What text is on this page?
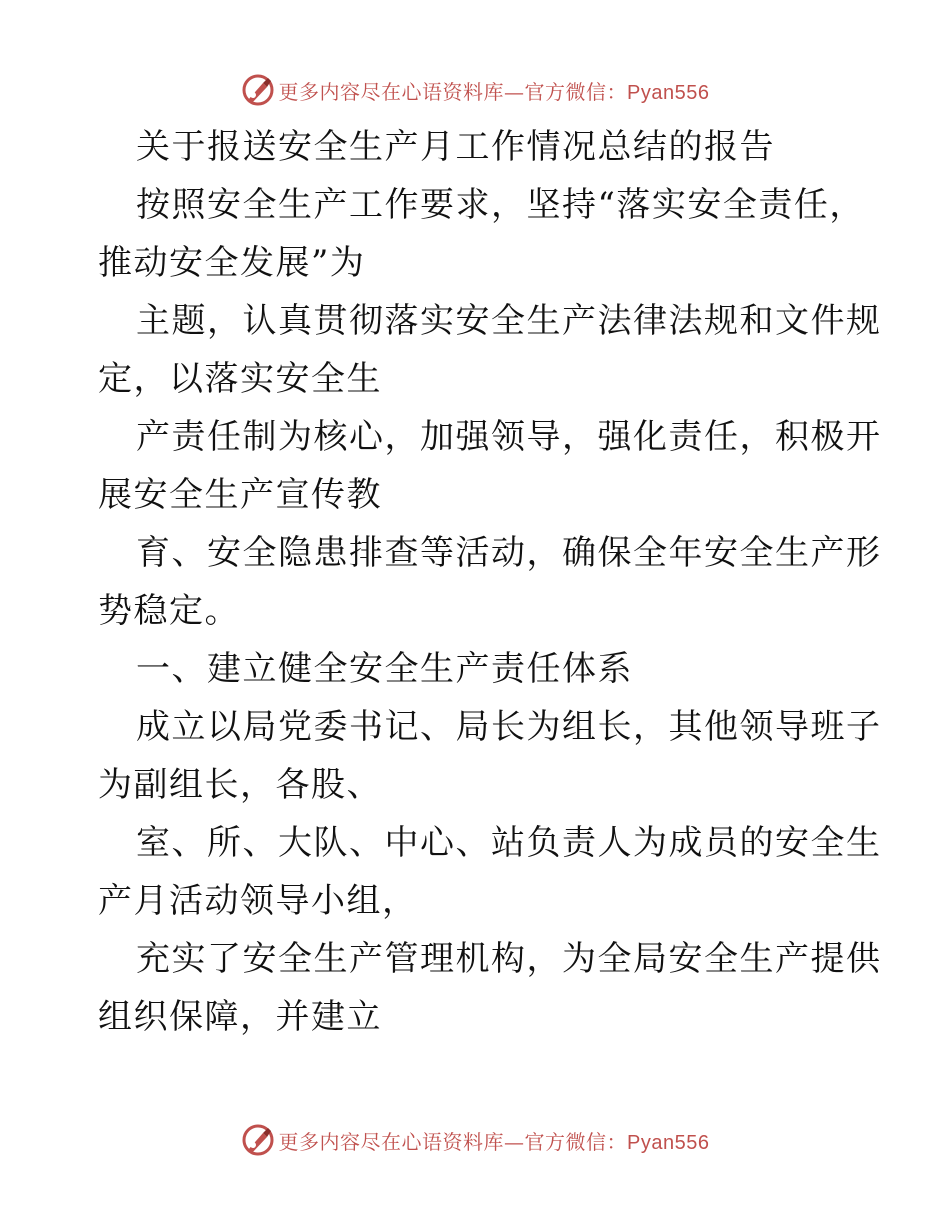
更多内容尽在心语资料库—官方微信：Pyan556

关于报送安全生产月工作情况总结的报告

按照安全生产工作要求，坚持“落实安全责任，

推动安全发展”为

主题，认真贯彻落实安全生产法律法规和文件规

定，以落实安全生

产责任制为核心，加强领导，强化责任，积极开

展安全生产宣传教

育、安全隐患排查等活动，确保全年安全生产形

势稳定。

一、建立健全安全生产责任体系

成立以局党委书记、局长为组长，其他领导班子

为副组长，各股、

室、所、大队、中心、站负责人为成员的安全生

产月活动领导小组，

充实了安全生产管理机构，为全局安全生产提供

组织保障，并建立

更多内容尽在心语资料库—官方微信：Pyan556
